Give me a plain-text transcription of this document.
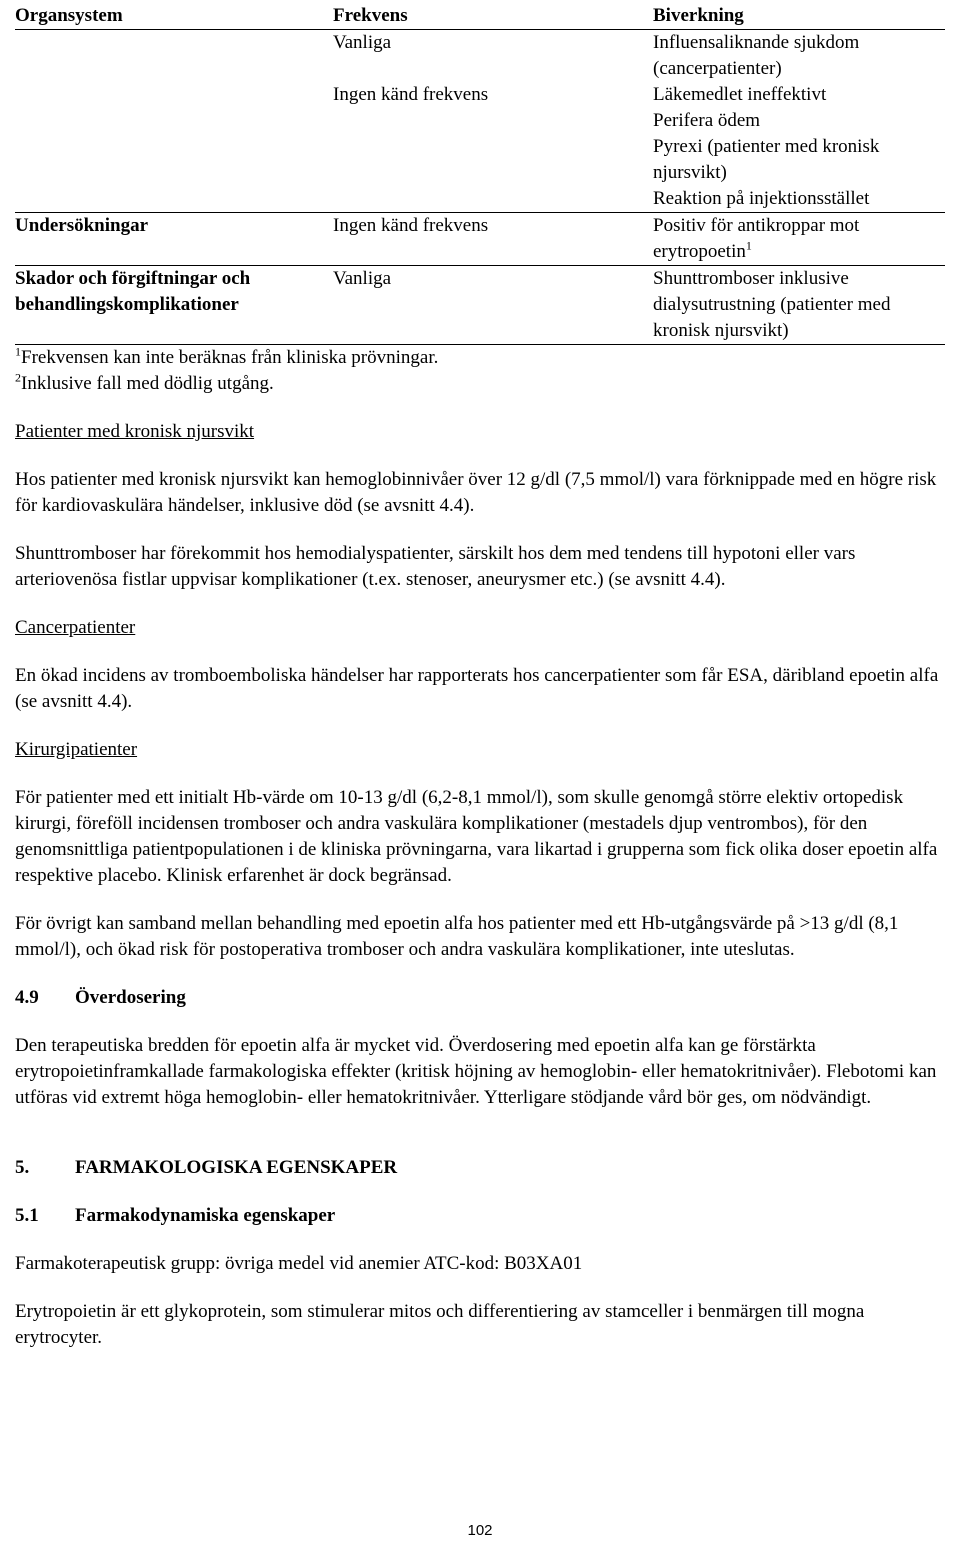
Organsystem	Frekvens	Biverkning

	Vanliga	Influensaliknande sjukdom
(cancerpatienter)

	Ingen känd frekvens	Läkemedlet ineffektivt
Perifera ödem
Pyrexi (patienter med kronisk
njursvikt)
Reaktion på injektionsstället

Undersökningar	Ingen känd frekvens	Positiv för antikroppar mot
erytropoetin$^1$

Skador och förgiftningar och
behandlingskomplikationer	Vanliga	Shunttromboser inklusive
dialysutrustning (patienter med
kronisk njursvikt)
$^1$Frekvensen kan inte beräknas från kliniska prövningar.
$^2$Inklusive fall med dödlig utgång.
Patienter med kronisk njursvikt

Hos patienter med kronisk njursvikt kan hemoglobinnivåer över 12 g/dl (7,5 mmol/l) vara förknippade med en högre risk för kardiovaskulära händelser, inklusive död (se avsnitt 4.4).

Shunttromboser har förekommit hos hemodialyspatienter, särskilt hos dem med tendens till hypotoni eller vars arteriovenösa fistlar uppvisar komplikationer (t.ex. stenoser, aneurysmer etc.) (se avsnitt 4.4).

Cancerpatienter

En ökad incidens av tromboemboliska händelser har rapporterats hos cancerpatienter som får ESA, däribland epoetin alfa (se avsnitt 4.4).

Kirurgipatienter

För patienter med ett initialt Hb-värde om 10-13 g/dl (6,2-8,1 mmol/l), som skulle genomgå större elektiv ortopedisk kirurgi, föreföll incidensen tromboser och andra vaskulära komplikationer (mestadels djup ventrombos), för den genomsnittliga patientpopulationen i de kliniska prövningarna, vara likartad i grupperna som fick olika doser epoetin alfa respektive placebo. Klinisk erfarenhet är dock begränsad.

För övrigt kan samband mellan behandling med epoetin alfa hos patienter med ett Hb-utgångsvärde på >13 g/dl (8,1 mmol/l), och ökad risk för postoperativa tromboser och andra vaskulära komplikationer, inte uteslutas.

4.9 Överdosering

Den terapeutiska bredden för epoetin alfa är mycket vid. Överdosering med epoetin alfa kan ge förstärkta erytropoietinframkallade farmakologiska effekter (kritisk höjning av hemoglobin- eller hematokritnivåer). Flebotomi kan utföras vid extremt höga hemoglobin- eller hematokritnivåer. Ytterligare stödjande vård bör ges, om nödvändigt.

5. FARMAKOLOGISKA EGENSKAPER
5.1 Farmakodynamiska egenskaper

Farmakoterapeutisk grupp: övriga medel vid anemier ATC-kod: B03XA01

Erytropoietin är ett glykoprotein, som stimulerar mitos och differentiering av stamceller i benmärgen till mogna erytrocyter.

102
